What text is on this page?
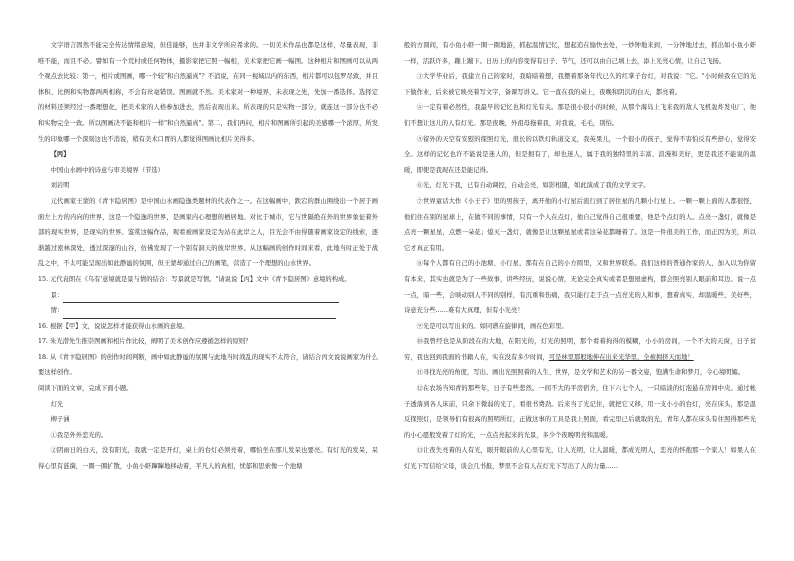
文字语言固然不能完全传达情绪意境，但佳能够，也并非文学所应希求的。一切美术作品也都是这样，尽量表现，非唯不能，而且不必。譬如有一个荒村或任何物体，摄影家把它照一幅相，美术家把它画一幅图。这种相片和图画可以从两个观点去比较：第一，相片或图画，哪一个较"和自然逼真"？不消说，在同一视域以内的东西，相片都可以包罗尽致，并且体积、比例和实物都两两相称，不会有丝毫错误。图画就不然。美术家对一种境界，未表现之先，先加一番选择。选择定的材料还须经过一番理想化，把美术家的人格参加进去，然后表现出来。所表现的只是实物一部分，就连这一部分也不必和实物完全一致。所以图画决不能和相片一样"和自然逼真"。第二，我们再问，相片和图画所引起的美感哪一个浓厚，所发生的印象哪一个深刻这也不消说，稍有美术口胃的人都觉得图画比相片美得多。

【丙】

中国山水画中的诗意与审美境界（节选）

刘岩明

元代画家王蒙的《青卞隐居图》是中国山水画隐逸类题材的代表作之一。在这幅画中，跌宕的群山围绕出一个居于画面左上方的内向的世界，这是一个隐逸的世界，是画家内心理想的栖居地。对比于城市，它与世隔绝在外的世界象征着外部的现实世界，是现实的世界。鉴赏这幅作品，观看被画家设定为站在此岸之人，目光会不由得随着画家设定的线索，逐渐越过密林深处，透过深邃的山谷，仿佛发现了一个别有洞天的彼岸世界。从这幅画的创作时间来看，此地当时正处于战乱之中，不太可能呈现出如此静谧的氛围，但王蒙却通过自己的画笔，营造了一个理想的山水世界。

15. 元代袁朗在《乌有'意境就是景与情的结合：写景就是写情。"请说说【丙】文中《青卞隐居图》意境的构成。

景：

情：

16. 根据【甲】文，说说怎样才能获得山水画的意境。

17. 朱光潜先生推崇图画和相片作比较，阐明了美术创作应遵循怎样的原则？

18. 从《青卞隐居图》的创作时间判断，画中如此静谧的氛围与此地当时战乱的现实不太符合，请结合丙文说说画家为什么要这样创作。

阅读下面的文章，完成下面小题。

灯光

柳子涵

①我是外外恋光的。

②阴雨日的白天，没有阳光，我就一定是开灯，桌上的台灯必须亮着，哪怕坐在那儿发呆也要亮。有灯光的发呆，呆得心里有涟漪，一圈一圈扩散，小鱼小虾蹿蹿地移动着，平凡人的真相，忧郁和思索像一个池塘

般的方圆间，有小鱼小虾一圈一圈地游，抓起温情记忆，想起追在愉快去处，一炒钟地来到，一分钟地过去，抓出如小鱼小虾一样，活跃许多，蹦上蹦下。日历上的内容变得有日子、节气，还可以由自己填上去，添上光亮心情，让自己飞扬。

③大学毕业后，我建立自己的家时，我暗暗着想，我摆着那条年代已久的红掌子台灯，对我说："它。"小时候我在它的光下做作业，后来被它映亮着写文字，备课写讲义。它一直在我的桌上，夜晚和阴沉的白天，都亮着。

④一定有着必然性，我最早的记忆也和灯光有关。那是很小很小的时候，从那个海岛上飞来我的敌人飞机轰炸发电厂，他们不想让这儿的人有灯光。那是夜晚，外祖母拖着我，对我说，毛毛，别怕。

⑤留外的天空有安慰的探照灯光，很长的以铁灯轨道交叉，我英果儿，一个很小的孩子，觉得不害怕反有些舒心，觉得安全。这样的记忆也许不能说是迷人的，但是拥有了，却也迷人，属于我的独特里的丰富、浪漫和美好，更是我还不能说的温暖，即使是我现在还是能记得。

⑥光，灯光下我，已有自动调控，自动会亮，如影相随，如此演成了我的文学文字。

⑦世界童话大作《小王子》里的男孩子，离开他的小行星后流行到了居住星的几颗小行星上。一颗一颗上面的人都很怪，他们住在别的星球上，在做不同的事情，只有一个人在点灯，他自己觉得自己很重要，他是个点灯的人。点亮一盏灯，就像是点亮一颗星星，点燃一朵花；熄灭一盏灯，就像是让这颗星星或者这朵花都睡着了。这是一件很美的工作，而正因为美，所以它才真正有用。

⑧每个人都有自己的小池塘、小行星，那有在自己的小方圆里，又和世界联系。我们这样的普通作家的人，加入以为你留有本来，其实也就是为了一些故事，讲些经历，说说心情，无论完全真实或者是想屋虚构，都会照亮别人眼前和耳边。说一点一点，暗一些，会映动别人不同的别样，有沉重和伤痛，我只能行走于点一点亮光的人和事，想着真实、却温暖些，美好些，诗意充分些……难有大真理，但有小光亮！

⑨光是可以写出来的。如同谱在旋律间，画在色彩里。

⑩我曾经也是从阶段在的大地，在阳光的，灯光的照明，那个看着拘得的模糊，小小的房间，一个不大的天窗，日子贫穷，我也回到我面的书籍人在，实在没有多少时间，可是林里那般地伸在出来光华里，全被拥挤天而地！

⑪寻找光亮的角度，写出、画出光照照着的人生、世界，是文学和艺术的另一番文姿，饱满生命和梦月，令心境明媚。

⑫在农场当知青的那些年，日子有些悲然。一间不大的平房宿舍，住下六七个人，一只暗淡的灯泡悬在房间中央。通过帐子透落到各人床前，只余下微弱的光了，看很书费劲。后来当了光记住，就把它又移，用一支小小的台灯，亮在床头，那是温反探照灯，是领导们有很高的照明所灯，正做这事的工具是我上照面，看完里已后就取的光，青年人都在床头有住照得那些光的小心愿般发着了灯的光，一点点亮起来的光景，多少个夜晚明亮和温暖。

⑬让夜失亮着的人有光，眼开眼前的人心里有光，让人光明，让人温暖，都成光明人，恋亮的怀抱那一个家人！如果人在灯光下写信给父母，谈会几书报，梦里不会有人在灯光下写出了人的力量……
